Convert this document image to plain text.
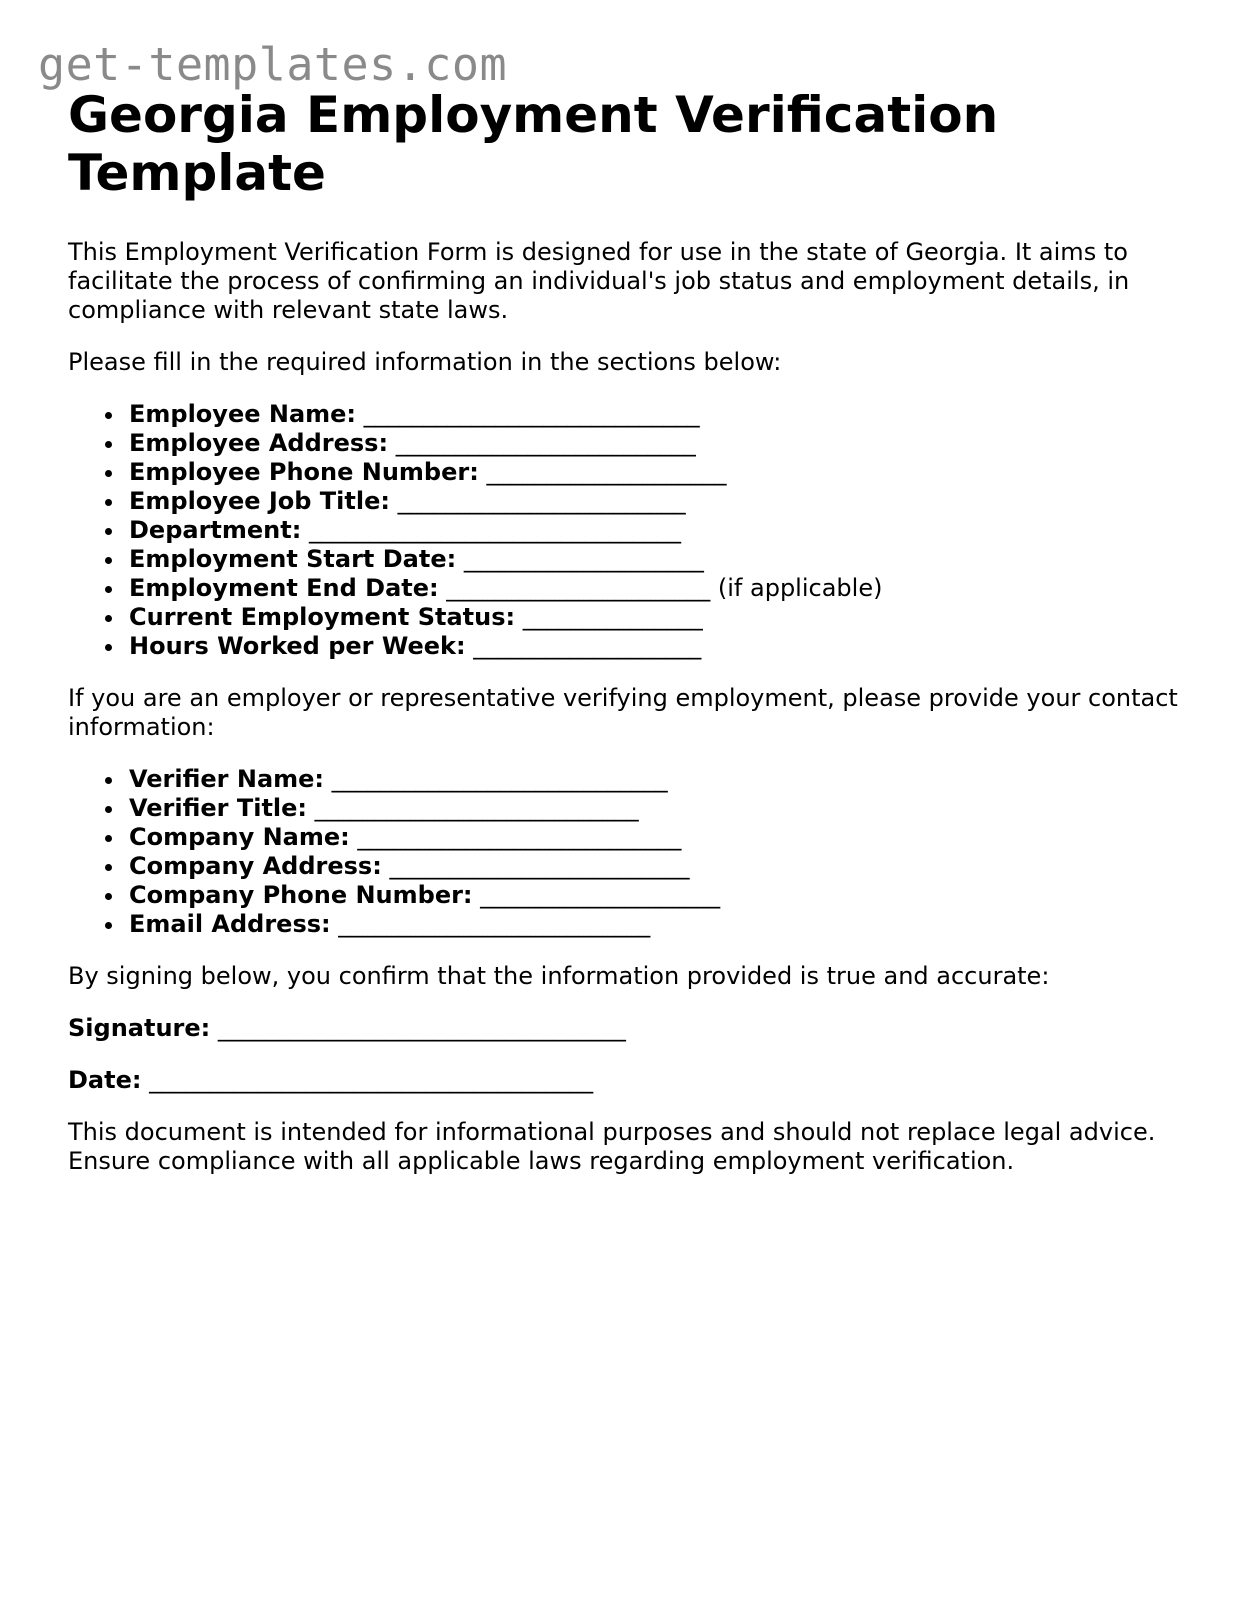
get-templates.com
Georgia Employment Verification Template

This Employment Verification Form is designed for use in the state of Georgia. It aims to facilitate the process of confirming an individual's job status and employment details, in compliance with relevant state laws.

Please fill in the required information in the sections below:

Employee Name: ____________________________
Employee Address: _________________________
Employee Phone Number: ____________________
Employee Job Title: ________________________
Department: _______________________________
Employment Start Date: ____________________
Employment End Date: ______________________ (if applicable)
Current Employment Status: _______________
Hours Worked per Week: ___________________

If you are an employer or representative verifying employment, please provide your contact information:

Verifier Name: ____________________________
Verifier Title: ___________________________
Company Name: ___________________________
Company Address: _________________________
Company Phone Number: ____________________
Email Address: __________________________

By signing below, you confirm that the information provided is true and accurate:

Signature: __________________________________
Date: _____________________________________

This document is intended for informational purposes and should not replace legal advice. Ensure compliance with all applicable laws regarding employment verification.
